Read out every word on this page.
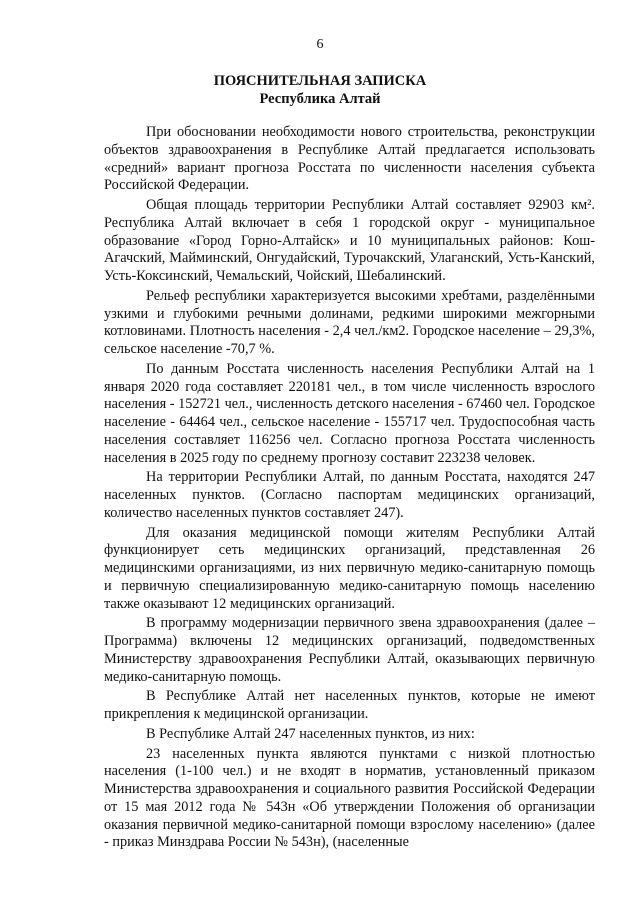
6
ПОЯСНИТЕЛЬНАЯ ЗАПИСКА
Республика Алтай

При обосновании необходимости нового строительства, реконструкции объектов здравоохранения в Республике Алтай предлагается использовать «средний» вариант прогноза Росстата по численности населения субъекта Российской Федерации.

Общая площадь территории Республики Алтай составляет 92903 км². Республика Алтай включает в себя 1 городской округ - муниципальное образование «Город Горно-Алтайск» и 10 муниципальных районов: Кош-Агачский, Майминский, Онгудайский, Турочакский, Улаганский, Усть-Канский, Усть-Коксинский, Чемальский, Чойский, Шебалинский.

Рельеф республики характеризуется высокими хребтами, разделёнными узкими и глубокими речными долинами, редкими широкими межгорными котловинами. Плотность населения - 2,4 чел./км2. Городское население – 29,3%, сельское население -70,7 %.

По данным Росстата численность населения Республики Алтай на 1 января 2020 года составляет 220181 чел., в том числе численность взрослого населения - 152721 чел., численность детского населения - 67460 чел. Городское население - 64464 чел., сельское население - 155717 чел. Трудоспособная часть населения составляет 116256 чел. Согласно прогноза Росстата численность населения в 2025 году по среднему прогнозу составит 223238 человек.

На территории Республики Алтай, по данным Росстата, находятся 247 населенных пунктов. (Согласно паспортам медицинских организаций, количество населенных пунктов составляет 247).

Для оказания медицинской помощи жителям Республики Алтай функционирует сеть медицинских организаций, представленная 26 медицинскими организациями, из них первичную медико-санитарную помощь и первичную специализированную медико-санитарную помощь населению также оказывают 12 медицинских организаций.

В программу модернизации первичного звена здравоохранения (далее – Программа) включены 12 медицинских организаций, подведомственных Министерству здравоохранения Республики Алтай, оказывающих первичную медико-санитарную помощь.

В Республике Алтай нет населенных пунктов, которые не имеют прикрепления к медицинской организации.

В Республике Алтай 247 населенных пунктов, из них:

23 населенных пункта являются пунктами с низкой плотностью населения (1-100 чел.) и не входят в норматив, установленный приказом Министерства здравоохранения и социального развития Российской Федерации от 15 мая 2012 года № 543н «Об утверждении Положения об организации оказания первичной медико-санитарной помощи взрослому населению» (далее - приказ Минздрава России № 543н), (населенные
